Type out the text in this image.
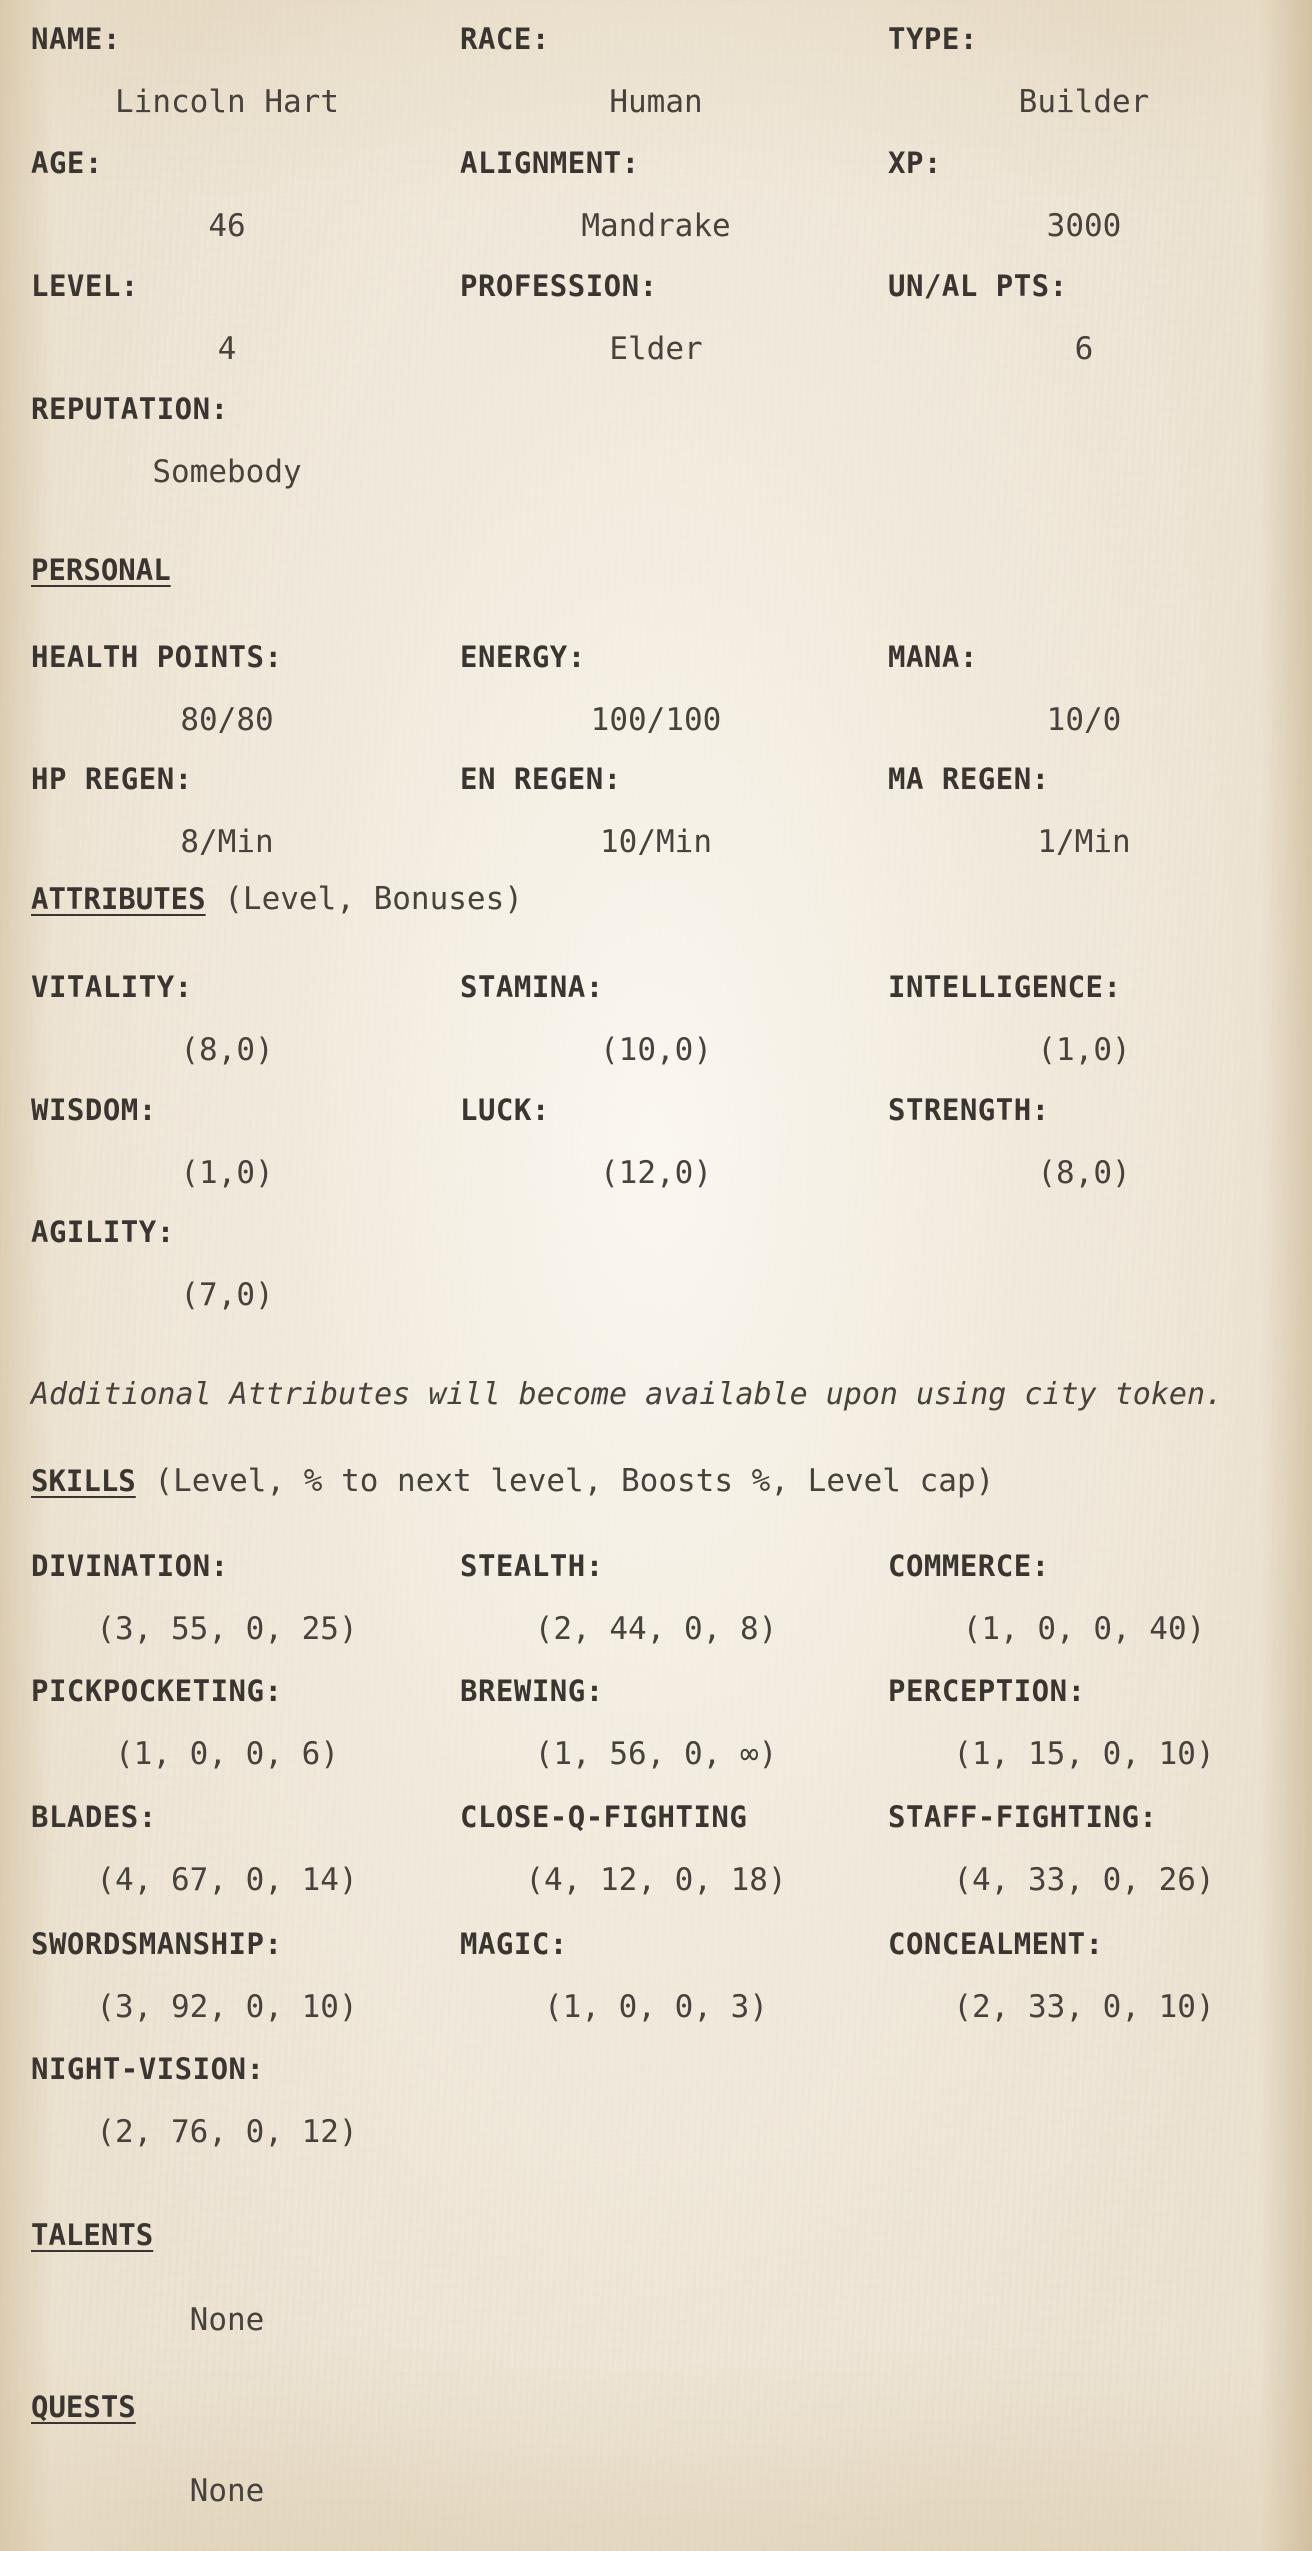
NAME:
Lincoln Hart
RACE:
Human
TYPE:
Builder
AGE:
46
ALIGNMENT:
Mandrake
XP:
3000
LEVEL:
4
PROFESSION:
Elder
UN/AL PTS:
6
REPUTATION:
Somebody
PERSONAL
HEALTH POINTS:
80/80
ENERGY:
100/100
MANA:
10/0
HP REGEN:
8/Min
EN REGEN:
10/Min
MA REGEN:
1/Min
ATTRIBUTES (Level, Bonuses)
VITALITY:
(8,0)
STAMINA:
(10,0)
INTELLIGENCE:
(1,0)
WISDOM:
(1,0)
LUCK:
(12,0)
STRENGTH:
(8,0)
AGILITY:
(7,0)
Additional Attributes will become available upon using city token.
SKILLS (Level, % to next level, Boosts %, Level cap)
DIVINATION:
(3, 55, 0, 25)
STEALTH:
(2, 44, 0, 8)
COMMERCE:
(1, 0, 0, 40)
PICKPOCKETING:
(1, 0, 0, 6)
BREWING:
(1, 56, 0, ∞)
PERCEPTION:
(1, 15, 0, 10)
BLADES:
(4, 67, 0, 14)
CLOSE-Q-FIGHTING
(4, 12, 0, 18)
STAFF-FIGHTING:
(4, 33, 0, 26)
SWORDSMANSHIP:
(3, 92, 0, 10)
MAGIC:
(1, 0, 0, 3)
CONCEALMENT:
(2, 33, 0, 10)
NIGHT-VISION:
(2, 76, 0, 12)
TALENTS
None
QUESTS
None
